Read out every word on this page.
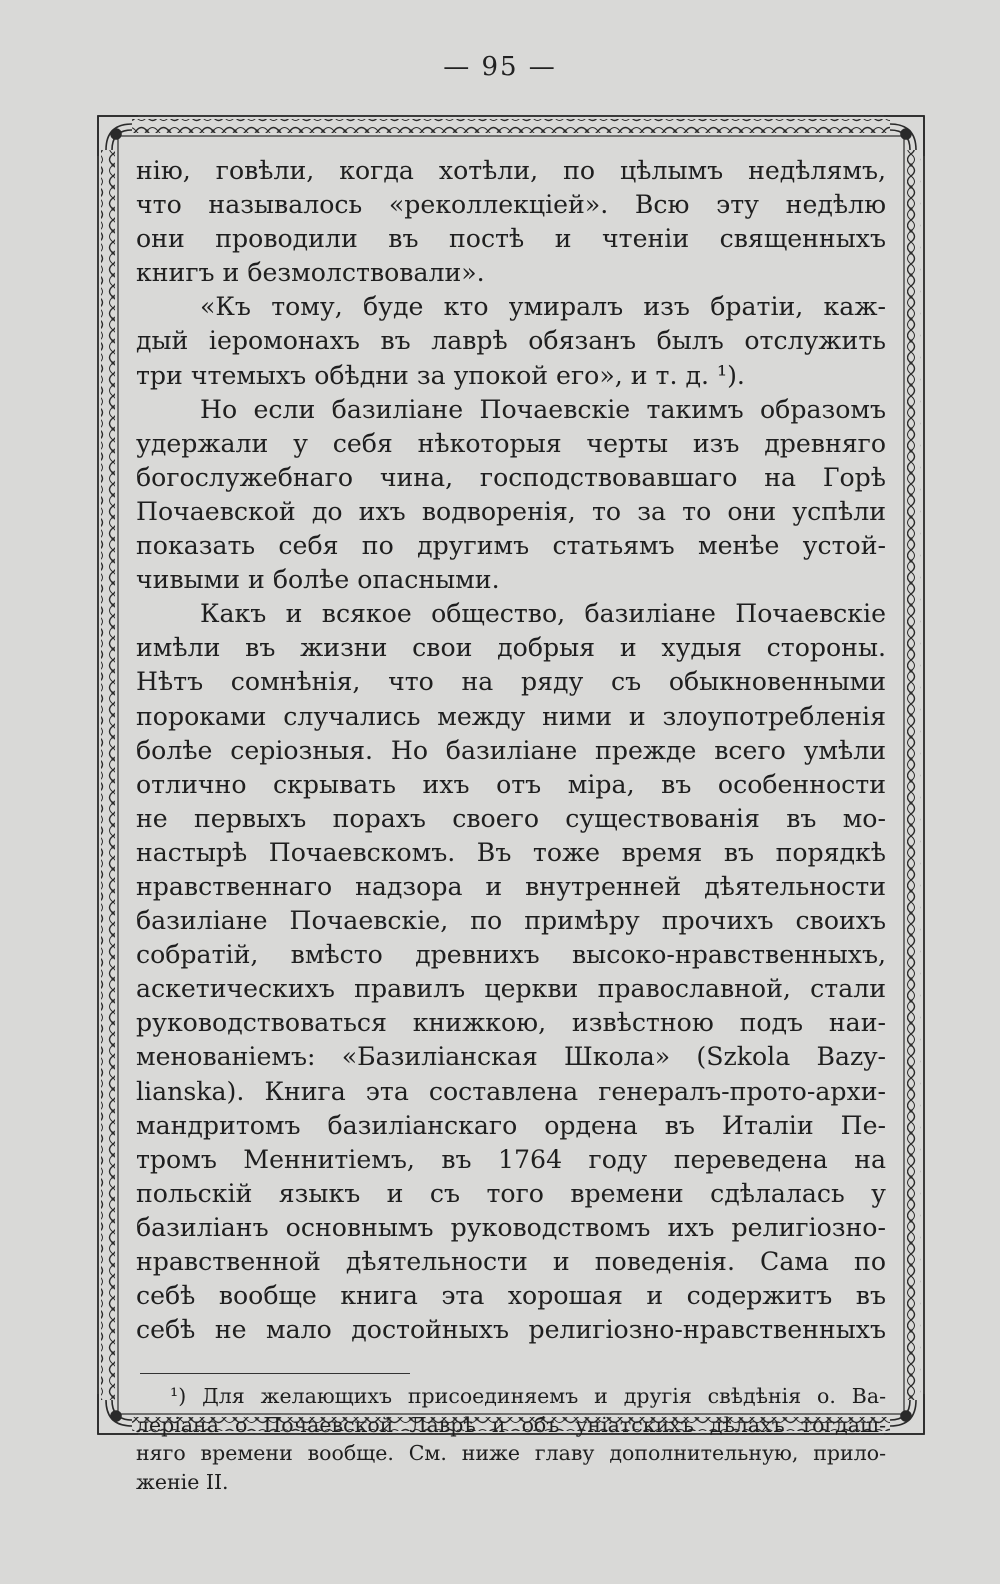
— 95 —
нію, говѣли, когда хотѣли, по цѣлымъ недѣлямъ,
что называлось «реколлекціей». Всю эту недѣлю
они проводили въ постѣ и чтеніи священныхъ
книгъ и безмолствовали».
«Къ тому, буде кто умиралъ изъ братіи, каж-
дый іеромонахъ въ лаврѣ обязанъ былъ отслужить
три чтемыхъ обѣдни за упокой его», и т. д. ¹).
Но если базиліане Почаевскіе такимъ образомъ
удержали у себя нѣкоторыя черты изъ древняго
богослужебнаго чина, господствовавшаго на Горѣ
Почаевской до ихъ водворенія, то за то они успѣли
показать себя по другимъ статьямъ менѣе устой-
чивыми и болѣе опасными.
Какъ и всякое общество, базиліане Почаевскіе
имѣли въ жизни свои добрыя и худыя стороны.
Нѣтъ сомнѣнія, что на ряду съ обыкновенными
пороками случались между ними и злоупотребленія
болѣе серіозныя. Но базиліане прежде всего умѣли
отлично скрывать ихъ отъ міра, въ особенности
не первыхъ порахъ своего существованія въ мо-
настырѣ Почаевскомъ. Въ тоже время въ порядкѣ
нравственнаго надзора и внутренней дѣятельности
базиліане Почаевскіе, по примѣру прочихъ своихъ
собратій, вмѣсто древнихъ высоко-нравственныхъ,
аскетическихъ правилъ церкви православной, стали
руководствоваться книжкою, извѣстною подъ наи-
менованіемъ: «Базиліанская Школа» (Szkola Bazy-
lianska). Книга эта составлена генералъ-прото-архи-
мандритомъ базиліанскаго ордена въ Италіи Пе-
тромъ Меннитіемъ, въ 1764 году переведена на
польскій языкъ и съ того времени сдѣлалась у
базиліанъ основнымъ руководствомъ ихъ религіозно-
нравственной дѣятельности и поведенія. Сама по
себѣ вообще книга эта хорошая и содержитъ въ
себѣ не мало достойныхъ религіозно-нравственныхъ
¹) Для желающихъ присоединяемъ и другія свѣдѣнія о. Ва-
леріана о Почаевской Лаврѣ и объ уніатскихъ дѣлахъ тогдаш-
няго времени вообще. См. ниже главу дополнительную, прило-
женіе II.
